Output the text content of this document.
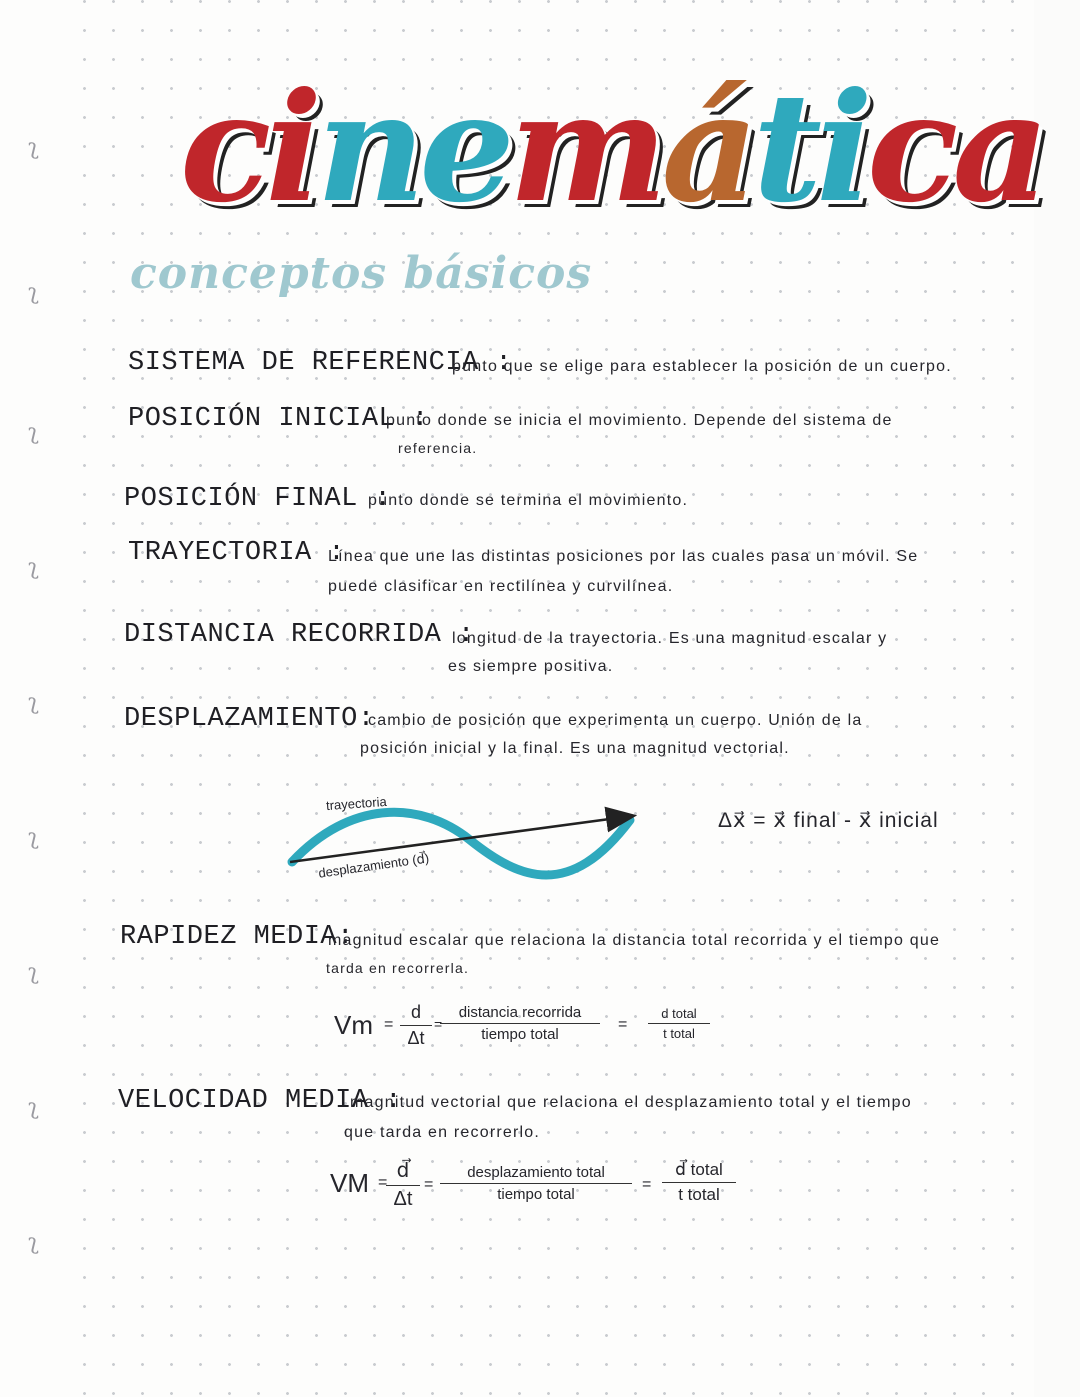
ʅ
ʅ
ʅ
ʅ
ʅ
ʅ
ʅ
ʅ
ʅ
cinemática
conceptos básicos
SISTEMA DE REFERENCIA :
punto que se elige para establecer la posición de un cuerpo.
POSICIÓN INICIAL :
punto donde se inicia el movimiento. Depende del sistema de
referencia.
POSICIÓN FINAL :
punto donde se termina el movimiento.
TRAYECTORIA :
Línea que une las distintas posiciones por las cuales pasa un móvil. Se
puede clasificar en rectilínea y curvilínea.
DISTANCIA RECORRIDA :
longitud de la trayectoria. Es una magnitud escalar y
es siempre positiva.
DESPLAZAMIENTO:
cambio de posición que experimenta un cuerpo. Unión de la
posición inicial y la final. Es una magnitud vectorial.
trayectoria
desplazamiento (d⃗)
Δx⃗ = x⃗ final - x⃗ inicial
RAPIDEZ MEDIA:
magnitud escalar que relaciona la distancia total recorrida y el tiempo que
tarda en recorrerla.
$Vm = \frac{d}{\Delta t}$ =
distancia recorrida
tiempo total
=
d total
t total
VELOCIDAD MEDIA :
magnitud vectorial que relaciona el desplazamiento total y el tiempo
que tarda en recorrerlo.
VM =
$\frac{d⃗}{\Delta t}$ =
desplazamiento total
tiempo total
=
d⃗ total
t total
